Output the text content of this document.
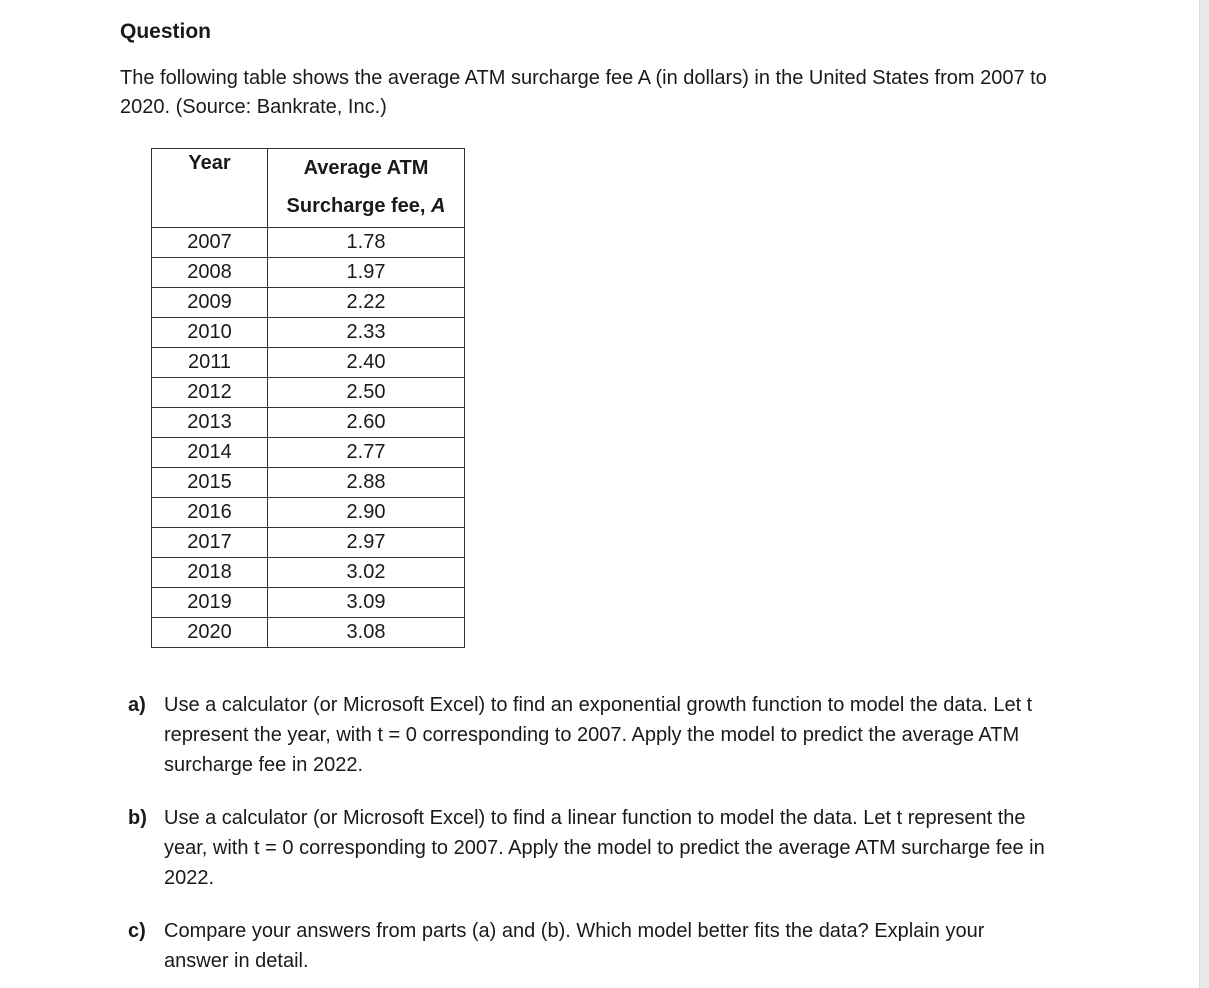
Question

The following table shows the average ATM surcharge fee A (in dollars) in the United States from 2007 to 2020. (Source: Bankrate, Inc.)

Year	Average ATM
Surcharge fee, A
2007	1.78
2008	1.97
2009	2.22
2010	2.33
2011	2.40
2012	2.50
2013	2.60
2014	2.77
2015	2.88
2016	2.90
2017	2.97
2018	3.02
2019	3.09
2020	3.08
a) Use a calculator (or Microsoft Excel) to find an exponential growth function to model the data. Let t represent the year, with t = 0 corresponding to 2007. Apply the model to predict the average ATM surcharge fee in 2022.
b) Use a calculator (or Microsoft Excel) to find a linear function to model the data. Let t represent the year, with t = 0 corresponding to 2007. Apply the model to predict the average ATM surcharge fee in 2022.
c) Compare your answers from parts (a) and (b). Which model better fits the data? Explain your answer in detail.
